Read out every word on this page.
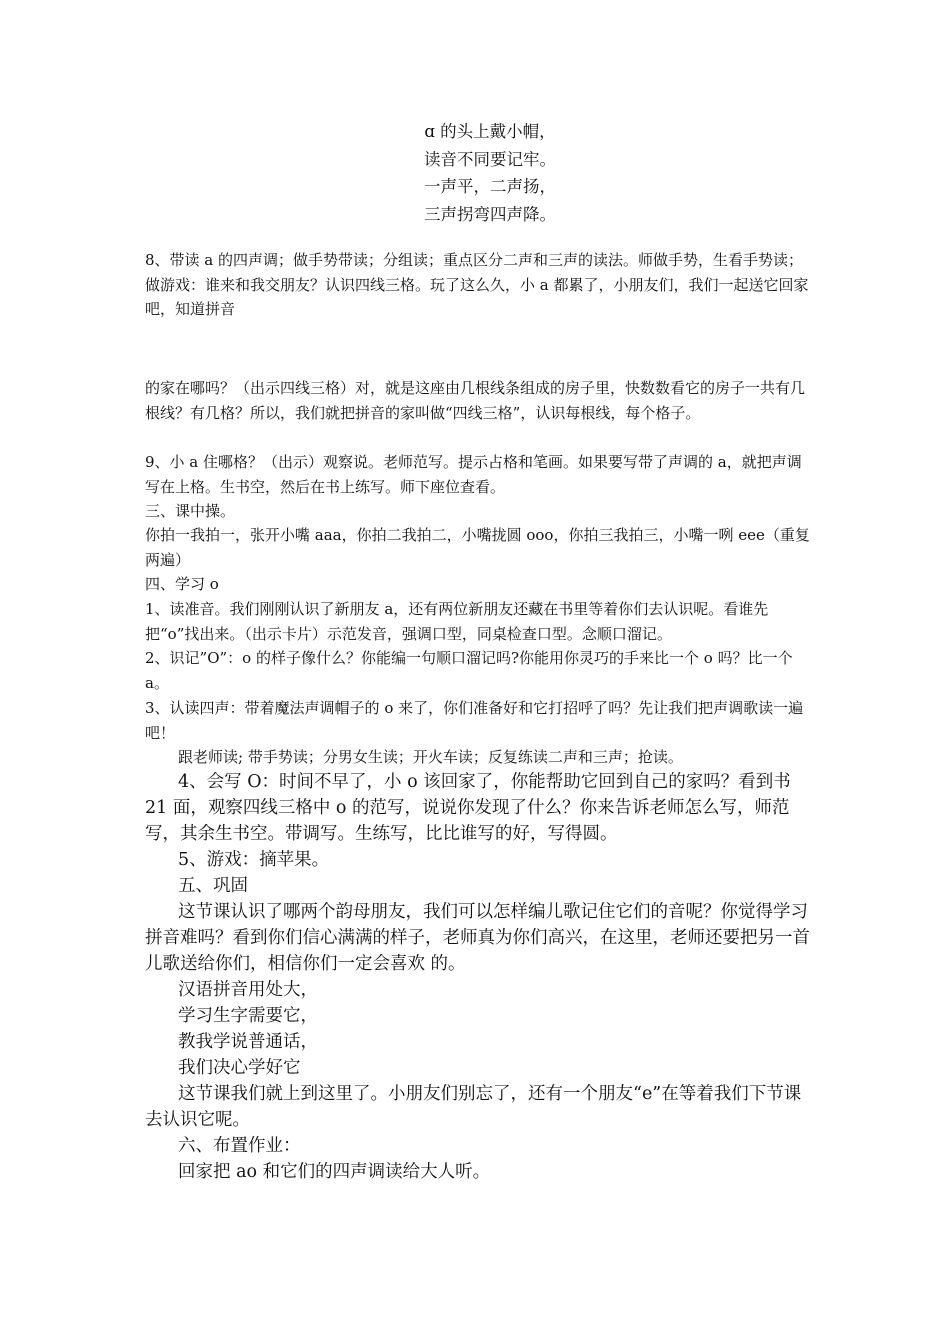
ɑ 的头上戴小帽，

读音不同要记牢。

一声平，二声扬，

三声拐弯四声降。

8、带读 a 的四声调；做手势带读；分组读；重点区分二声和三声的读法。师做手势，生看手势读；做游戏：谁来和我交朋友？认识四线三格。玩了这么久，小 a 都累了，小朋友们，我们一起送它回家吧，知道拼音

的家在哪吗？（出示四线三格）对，就是这座由几根线条组成的房子里，快数数看它的房子一共有几根线？有几格？所以，我们就把拼音的家叫做“四线三格”，认识每根线，每个格子。

9、小 a 住哪格？（出示）观察说。老师范写。提示占格和笔画。如果要写带了声调的 a，就把声调写在上格。生书空，然后在书上练写。师下座位查看。

三、课中操。

你拍一我拍一，张开小嘴 aaa，你拍二我拍二，小嘴拢圆 ooo，你拍三我拍三，小嘴一咧 eee（重复两遍）

四、学习 o

1、读准音。我们刚刚认识了新朋友 a，还有两位新朋友还藏在书里等着你们去认识呢。看谁先把“o”找出来。（出示卡片）示范发音，强调口型，同桌检查口型。念顺口溜记。

2、识记”O”：o 的样子像什么？你能编一句顺口溜记吗?你能用你灵巧的手来比一个 o 吗？比一个 a。

3、认读四声：带着魔法声调帽子的 o 来了，你们准备好和它打招呼了吗？先让我们把声调歌读一遍吧！

跟老师读; 带手势读；分男女生读；开火车读；反复练读二声和三声；抢读。

4、会写 O：时间不早了，小 o 该回家了，你能帮助它回到自己的家吗？看到书 21 面，观察四线三格中 o 的范写，说说你发现了什么？你来告诉老师怎么写，师范写，其余生书空。带调写。生练写，比比谁写的好，写得圆。

5、游戏：摘苹果。

五、巩固

这节课认识了哪两个韵母朋友，我们可以怎样编儿歌记住它们的音呢？你觉得学习拼音难吗？看到你们信心满满的样子，老师真为你们高兴，在这里，老师还要把另一首儿歌送给你们，相信你们一定会喜欢 的。

汉语拼音用处大，
学习生字需要它，
教我学说普通话，
我们决心学好它

这节课我们就上到这里了。小朋友们别忘了，还有一个朋友“e”在等着我们下节课去认识它呢。

六、布置作业：

回家把 ao 和它们的四声调读给大人听。
